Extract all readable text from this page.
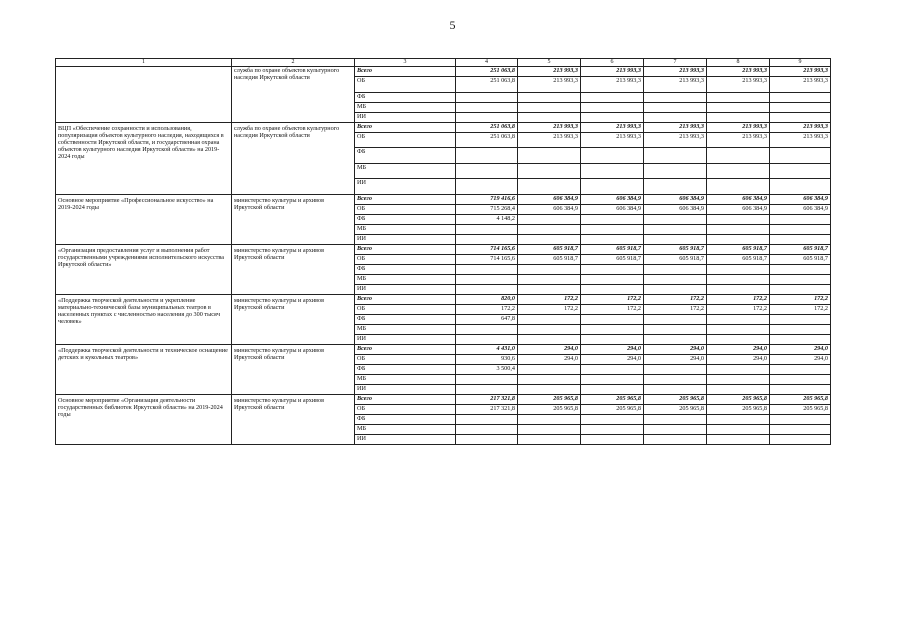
5
1	2	3	4	5	6	7	8	9
	служба по охране объектов культурного наследия Иркутской области	Всего	251 063,8	213 993,3	213 993,3	213 993,3	213 993,3	213 993,3
		ОБ	251 063,8	213 993,3	213 993,3	213 993,3	213 993,3	213 993,3
		ФБ						
		МБ						
		ИИ						
ВЦП «Обеспечение сохранности и использования, популяризация объектов культурного наследия, находящихся в собственности Иркутской области, и государственная охрана объектов культурного наследия Иркутской области» на 2019-2024 годы	служба по охране объектов культурного наследия Иркутской области	Всего	251 063,8	213 993,3	213 993,3	213 993,3	213 993,3	213 993,3
		ОБ	251 063,8	213 993,3	213 993,3	213 993,3	213 993,3	213 993,3
		ФБ						
		МБ						
		ИИ						
Основное мероприятие «Профессиональное искусство» на 2019-2024 годы	министерство культуры и архивов Иркутской области	Всего	719 416,6	606 384,9	606 384,9	606 384,9	606 384,9	606 384,9
		ОБ	715 268,4	606 384,9	606 384,9	606 384,9	606 384,9	606 384,9
		ФБ	4 148,2					
		МБ						
		ИИ						
«Организация предоставления услуг и выполнения работ государственными учреждениями исполнительского искусства Иркутской области»	министерство культуры и архивов Иркутской области	Всего	714 165,6	605 918,7	605 918,7	605 918,7	605 918,7	605 918,7
		ОБ	714 165,6	605 918,7	605 918,7	605 918,7	605 918,7	605 918,7
		ФБ						
		МБ						
		ИИ						
«Поддержка творческой деятельности и укрепление материально-технической базы муниципальных театров в населенных пунктах с численностью населения до 300 тысяч человек»	министерство культуры и архивов Иркутской области	Всего	820,0	172,2	172,2	172,2	172,2	172,2
		ОБ	172,2	172,2	172,2	172,2	172,2	172,2
		ФБ	647,8					
		МБ						
		ИИ						
«Поддержка творческой деятельности и техническое оснащение детских и кукольных театров»	министерство культуры и архивов Иркутской области	Всего	4 431,0	294,0	294,0	294,0	294,0	294,0
		ОБ	930,6	294,0	294,0	294,0	294,0	294,0
		ФБ	3 500,4					
		МБ						
		ИИ						
Основное мероприятие «Организация деятельности государственных библиотек Иркутской области» на 2019-2024 годы	министерство культуры и архивов Иркутской области	Всего	217 321,8	205 965,8	205 965,8	205 965,8	205 965,8	205 965,8
		ОБ	217 321,8	205 965,8	205 965,8	205 965,8	205 965,8	205 965,8
		ФБ						
		МБ						
		ИИ						
